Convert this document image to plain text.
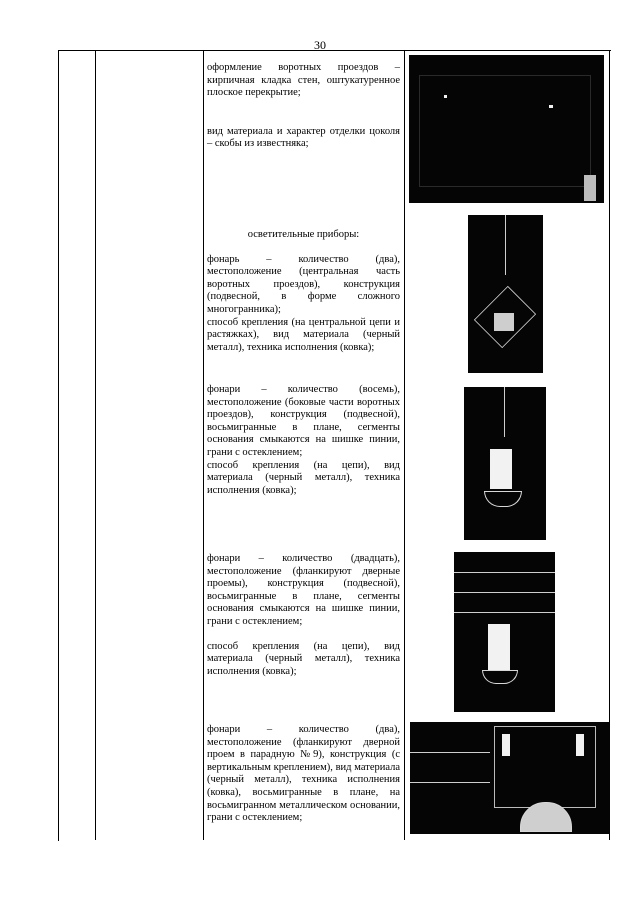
30

оформление воротных проездов – кирпичная кладка стен, оштукатуренное плоское перекрытие;

вид материала и характер отделки цоколя – скобы из известняка;

осветительные приборы:

фонарь – количество (два), местоположение (центральная часть воротных проездов), конструкция (подвесной, в форме сложного многогранника);

способ крепления (на центральной цепи и растяжках), вид материала (черный металл), техника исполнения (ковка);

фонари – количество (восемь), местоположение (боковые части воротных проездов), конструкция (подвесной), восьмигранные в плане, сегменты основания смыкаются на шишке пинии, грани с остеклением;

способ крепления (на цепи), вид материала (черный металл), техника исполнения (ковка);

фонари – количество (двадцать), местоположение (фланкируют дверные проемы), конструкция (подвесной), восьмигранные в плане, сегменты основания смыкаются на шишке пинии, грани с остеклением;

способ крепления (на цепи), вид материала (черный металл), техника исполнения (ковка);

фонари – количество (два), местоположение (фланкируют дверной проем в парадную №9), конструкция (с вертикальным креплением), вид материала (черный металл), техника исполнения (ковка), восьмигранные в плане, на восьмигранном металлическом основании, грани с остеклением;
